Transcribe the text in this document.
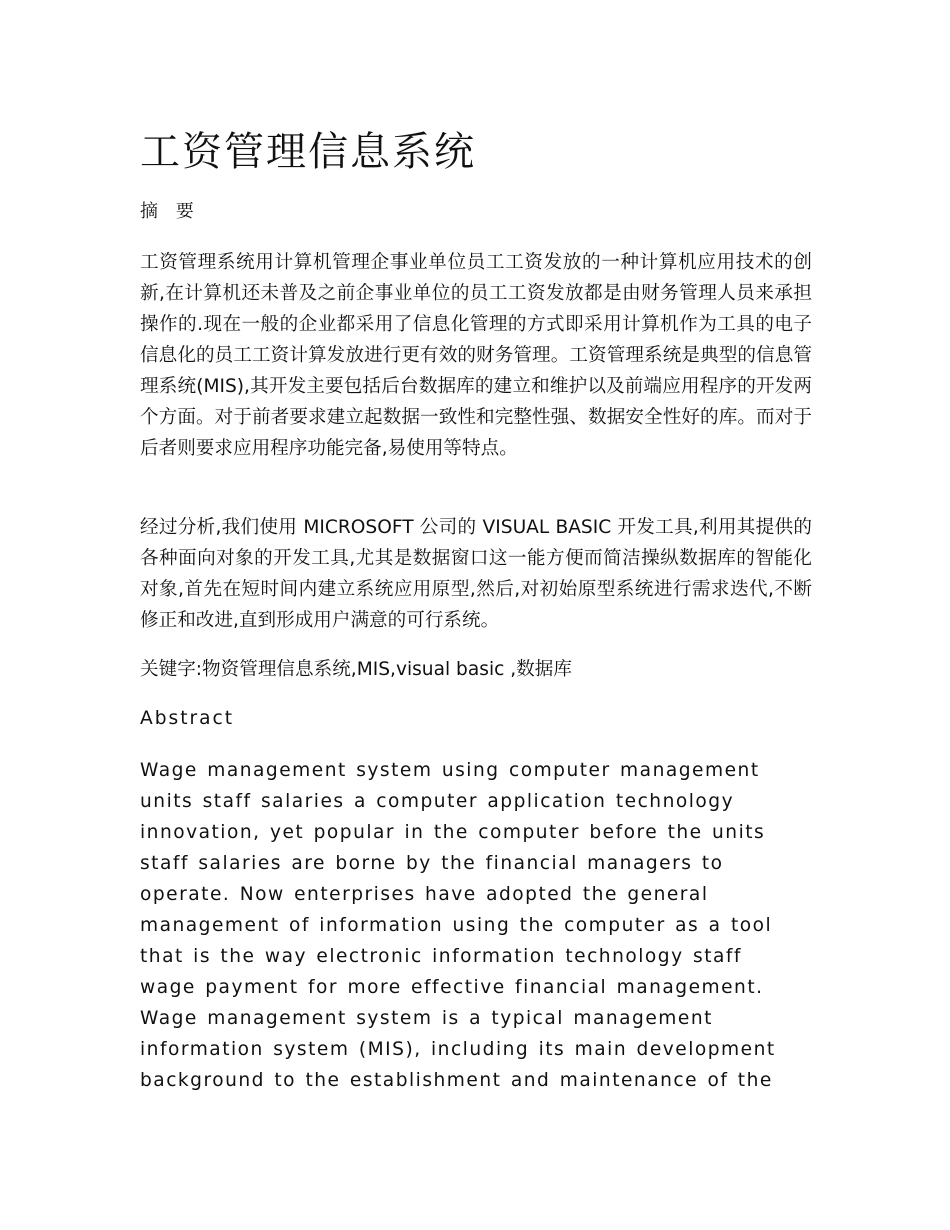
工资管理信息系统
摘 要

工资管理系统用计算机管理企事业单位员工工资发放的一种计算机应用技术的创新,在计算机还未普及之前企事业单位的员工工资发放都是由财务管理人员来承担操作的.现在一般的企业都采用了信息化管理的方式即采用计算机作为工具的电子信息化的员工工资计算发放进行更有效的财务管理。工资管理系统是典型的信息管理系统(MIS),其开发主要包括后台数据库的建立和维护以及前端应用程序的开发两个方面。对于前者要求建立起数据一致性和完整性强、数据安全性好的库。而对于后者则要求应用程序功能完备,易使用等特点。

经过分析,我们使用 MICROSOFT 公司的 VISUAL BASIC 开发工具,利用其提供的各种面向对象的开发工具,尤其是数据窗口这一能方便而简洁操纵数据库的智能化对象,首先在短时间内建立系统应用原型,然后,对初始原型系统进行需求迭代,不断修正和改进,直到形成用户满意的可行系统。

关键字:物资管理信息系统,MIS,visual basic ,数据库
Abstract

Wage management system using computer management
units staff salaries a computer application technology
innovation, yet popular in the computer before the units
staff salaries are borne by the financial managers to
operate. Now enterprises have adopted the general
management of information using the computer as a tool
that is the way electronic information technology staff
wage payment for more effective financial management.
Wage management system is a typical management
information system (MIS), including its main development
background to the establishment and maintenance of the
